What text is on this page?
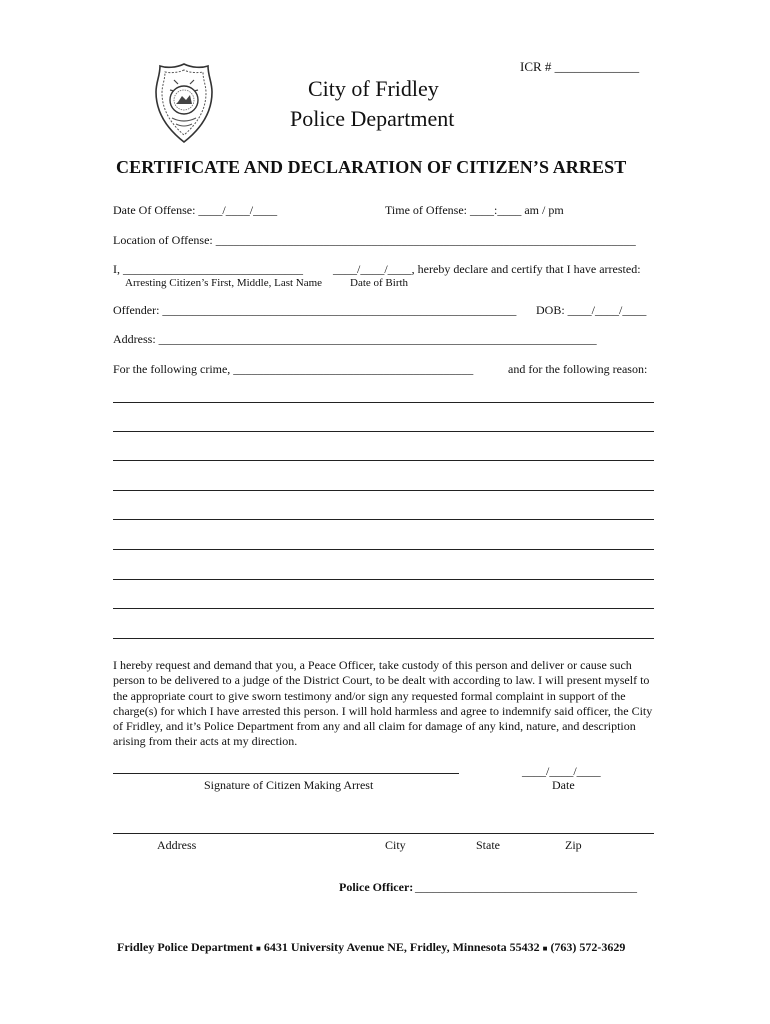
ICR # _____________
City of Fridley
Police Department
CERTIFICATE AND DECLARATION OF CITIZEN’S ARREST
Date Of Offense: ____/____/____	Time of Offense: ____:____ am / pm
Location of Offense: ______________________________________________________________________
I, ______________________________	____/____/____, hereby declare and certify that I have arrested:
Arresting Citizen’s First, Middle, Last Name	Date of Birth
Offender: ___________________________________________________________ DOB: ____/____/____
Address: _________________________________________________________________________
For the following crime, ________________________________________	and for the following reason:
I hereby request and demand that you, a Peace Officer, take custody of this person and deliver or cause such person to be delivered to a judge of the District Court, to be dealt with according to law. I will present myself to the appropriate court to give sworn testimony and/or sign any requested formal complaint in support of the charge(s) for which I have arrested this person. I will hold harmless and agree to indemnify said officer, the City of Fridley, and it’s Police Department from any and all claim for damage of any kind, nature, and description arising from their acts at my direction.
Signature of Citizen Making Arrest
____/____/____
Date
Address	City	State	Zip
Police Officer: _____________________________________
Fridley Police Department ■ 6431 University Avenue NE, Fridley, Minnesota 55432 ■ (763) 572-3629
